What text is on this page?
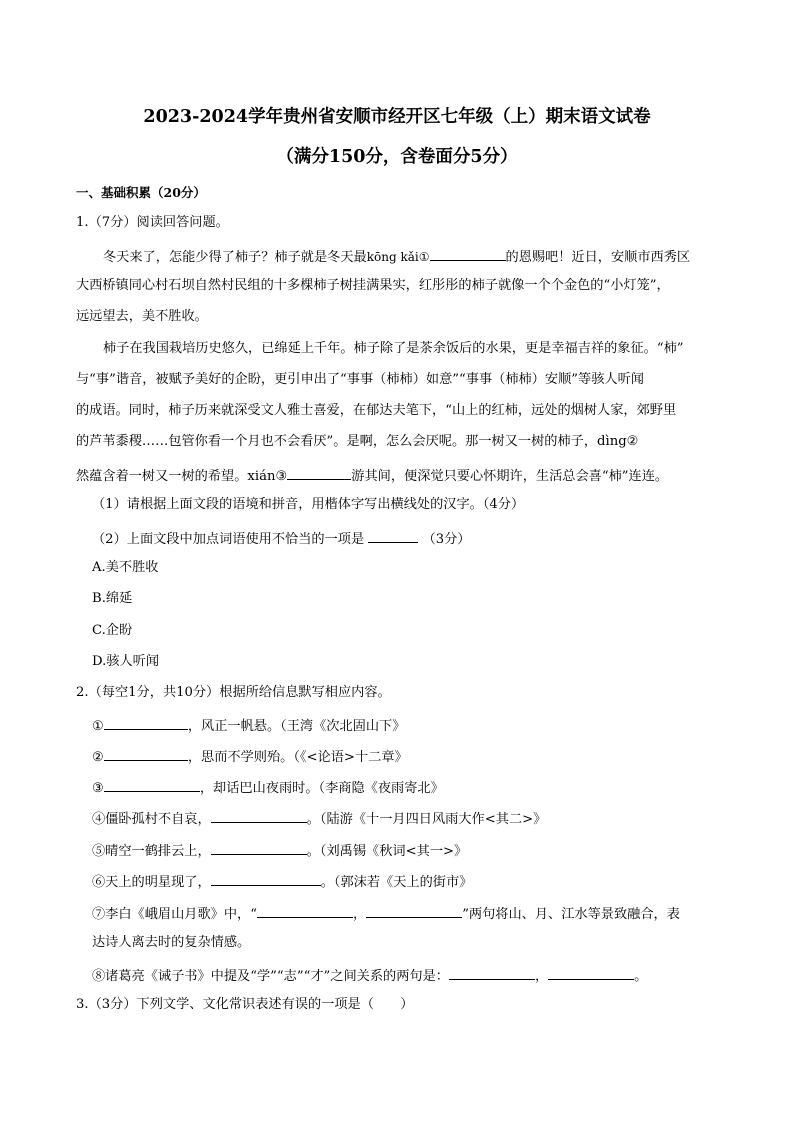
2023-2024学年贵州省安顺市经开区七年级（上）期末语文试卷
（满分150分，含卷面分5分）
一、基础积累（20分）
1.（7分）阅读回答问题。
冬天来了，怎能少得了柿子？柿子就是冬天最kōng kǎi①	的恩赐吧！近日，安顺市西秀区
大西桥镇同心村石坝自然村民组的十多棵柿子树挂满果实，红彤彤的柿子就像一个个金色的“小灯笼”，
远远望去，美不胜收。
柿子在我国栽培历史悠久，已绵延上千年。柿子除了是茶余饭后的水果，更是幸福吉祥的象征。“柿”
与“事”谐音，被赋予美好的企盼，更引申出了“事事（柿柿）如意”“事事（柿柿）安顺”等骇人听闻
的成语。同时，柿子历来就深受文人雅士喜爱，在郁达夫笔下，“山上的红柿，远处的烟树人家，郊野里
的芦苇黍稷……包管你看一个月也不会看厌”。是啊，怎么会厌呢。那一树又一树的柿子，dìng②
然蕴含着一树又一树的希望。xián③	游其间，便深觉只要心怀期许，生活总会喜“柿”连连。
（1）请根据上面文段的语境和拼音，用楷体字写出横线处的汉字。（4分）
（2）上面文段中加点词语使用不恰当的一项是	（3分）
A.美不胜收
B.绵延
C.企盼
D.骇人听闻
2.（每空1分，共10分）根据所给信息默写相应内容。
①	，风正一帆悬。（王湾《次北固山下》
②	，思而不学则殆。（《<论语>十二章》
③	，却话巴山夜雨时。（李商隐《夜雨寄北》
④僵卧孤村不自哀，	。（陆游《十一月四日风雨大作<其二>》
⑤晴空一鹤排云上，	。（刘禹锡《秋词<其一>》
⑥天上的明星现了，	。（郭沫若《天上的街市》
⑦李白《峨眉山月歌》中，“	，	”两句将山、月、江水等景致融合，表
达诗人离去时的复杂情感。
⑧诸葛亮《诫子书》中提及“学”“志”“才”之间关系的两句是：	，	。
3.（3分）下列文学、文化常识表述有误的一项是（　　）
